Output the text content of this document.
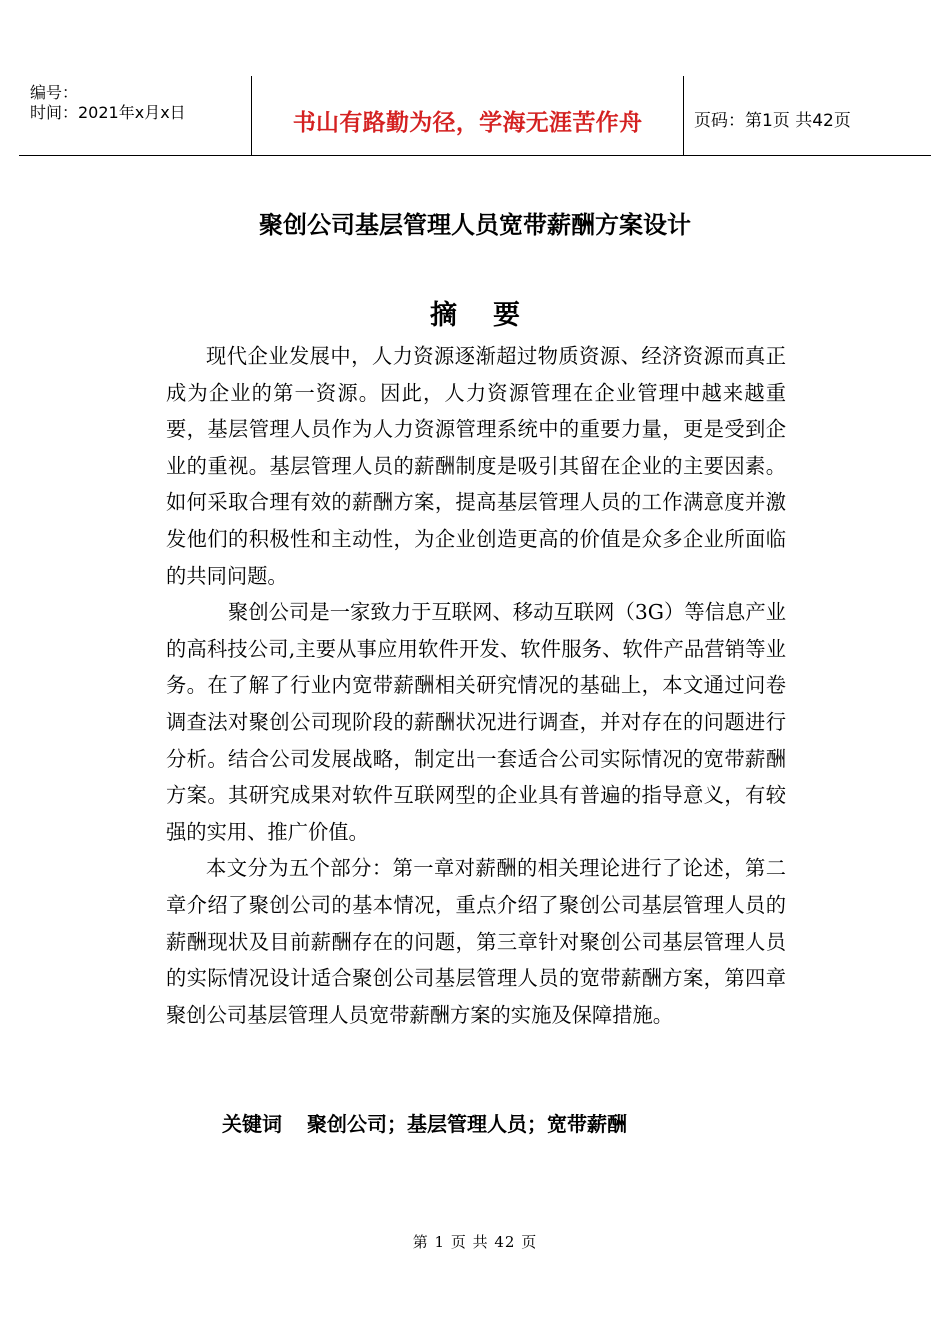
编号：
时间：2021年x月x日	书山有路勤为径，学海无涯苦作舟	页码：第1页 共42页
聚创公司基层管理人员宽带薪酬方案设计
摘要

现代企业发展中，人力资源逐渐超过物质资源、经济资源而真正成为企业的第一资源。因此，人力资源管理在企业管理中越来越重要，基层管理人员作为人力资源管理系统中的重要力量，更是受到企业的重视。基层管理人员的薪酬制度是吸引其留在企业的主要因素。如何采取合理有效的薪酬方案，提高基层管理人员的工作满意度并激发他们的积极性和主动性，为企业创造更高的价值是众多企业所面临的共同问题。

聚创公司是一家致力于互联网、移动互联网（3G）等信息产业的高科技公司,主要从事应用软件开发、软件服务、软件产品营销等业务。在了解了行业内宽带薪酬相关研究情况的基础上，本文通过问卷调查法对聚创公司现阶段的薪酬状况进行调查，并对存在的问题进行分析。结合公司发展战略，制定出一套适合公司实际情况的宽带薪酬方案。其研究成果对软件互联网型的企业具有普遍的指导意义，有较强的实用、推广价值。

本文分为五个部分：第一章对薪酬的相关理论进行了论述，第二章介绍了聚创公司的基本情况，重点介绍了聚创公司基层管理人员的薪酬现状及目前薪酬存在的问题，第三章针对聚创公司基层管理人员的实际情况设计适合聚创公司基层管理人员的宽带薪酬方案，第四章聚创公司基层管理人员宽带薪酬方案的实施及保障措施。

关键词 聚创公司；基层管理人员；宽带薪酬
第 1 页 共 42 页
